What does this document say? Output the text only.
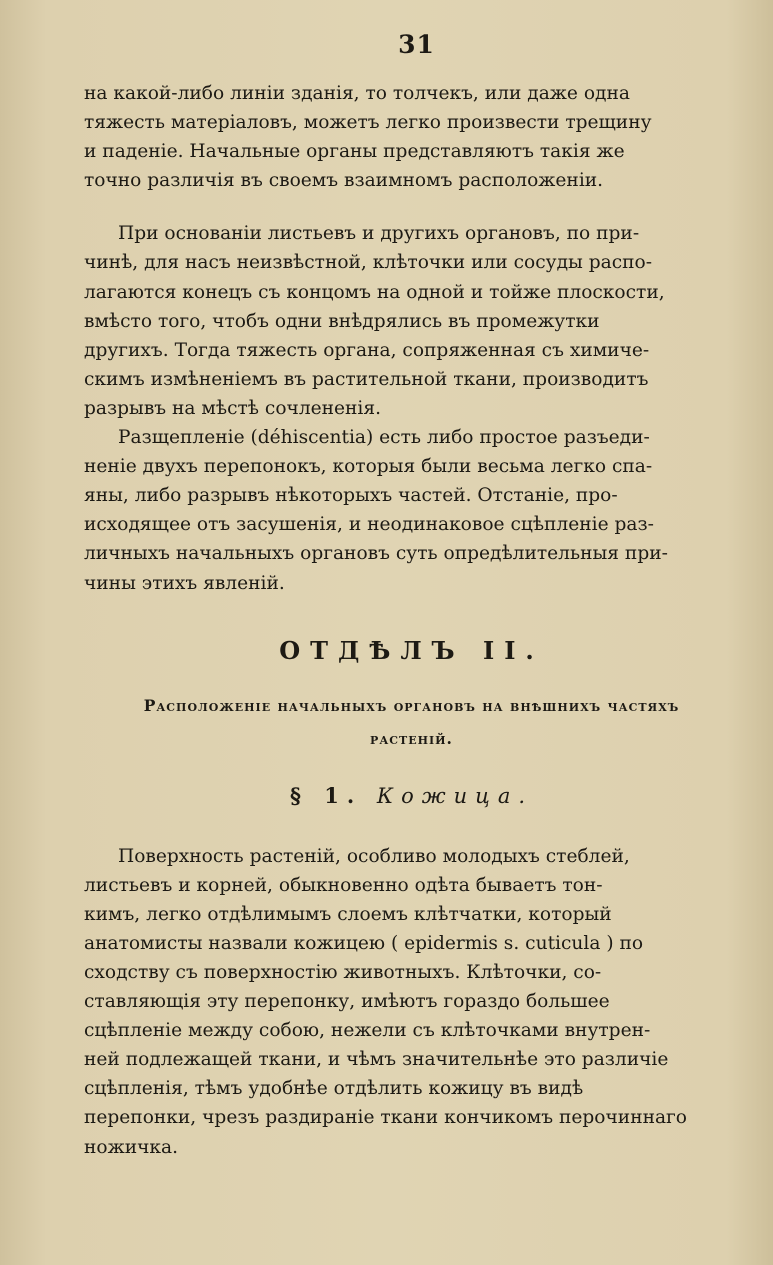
31

на какой-либо линіи зданія, то толчекъ, или даже одна
тяжесть матеріаловъ, можетъ легко произвести трещину
и паденіе. Начальные органы представляютъ такія же
точно различія въ своемъ взаимномъ расположеніи.

При основаніи листьевъ и другихъ органовъ, по при-
чинѣ, для насъ неизвѣстной, клѣточки или сосуды распо-
лагаются конецъ съ концомъ на одной и тойже плоскости,
вмѣсто того, чтобъ одни внѣдрялись въ промежутки
другихъ. Тогда тяжесть органа, сопряженная съ химиче-
скимъ измѣненіемъ въ растительной ткани, производитъ
разрывъ на мѣстѣ сочлененія.

Разщепленіе (déhiscentia) есть либо простое разъеди-
неніе двухъ перепонокъ, которыя были весьма легко спа-
яны, либо разрывъ нѣкоторыхъ частей. Отстаніе, про-
исходящее отъ засушенія, и неодинаковое сцѣпленіе раз-
личныхъ начальныхъ органовъ суть опредѣлительныя при-
чины этихъ явленій.

ОТДѢЛЪ II.
Расположеніе начальныхъ органовъ на внѣшнихъ частяхъ
растеній.
§ 1. Кожица.

Поверхность растеній, особливо молодыхъ стеблей,
листьевъ и корней, обыкновенно одѣта бываетъ тон-
кимъ, легко отдѣлимымъ слоемъ клѣтчатки, который
анатомисты назвали кожицею ( epidermis s. cuticula ) по
сходству съ поверхностію животныхъ. Клѣточки, со-
ставляющія эту перепонку, имѣютъ гораздо большее
сцѣпленіе между собою, нежели съ клѣточками внутрен-
ней подлежащей ткани, и чѣмъ значительнѣе это различіе
сцѣпленія, тѣмъ удобнѣе отдѣлить кожицу въ видѣ
перепонки, чрезъ раздираніе ткани кончикомъ перочиннаго
ножичка.
